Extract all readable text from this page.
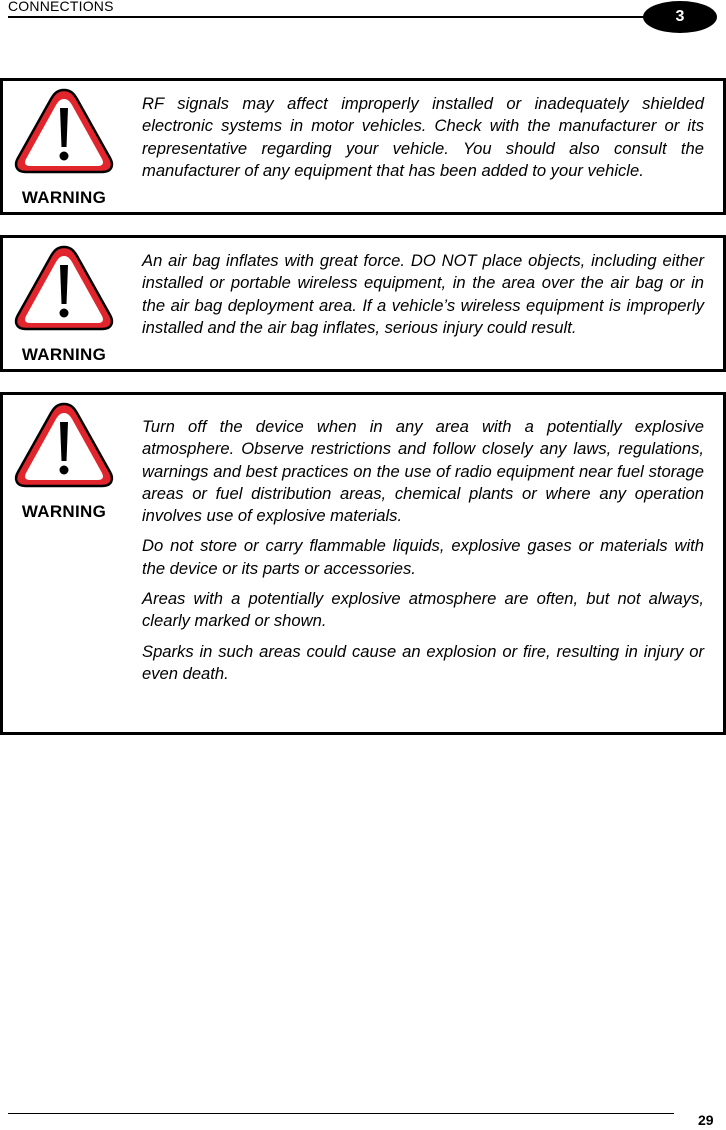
CONNECTIONS
3
WARNING

RF signals may affect improperly installed or inadequately shielded electronic systems in motor vehicles. Check with the manufacturer or its representative regarding your vehicle. You should also consult the manufacturer of any equipment that has been added to your vehicle.

WARNING

An air bag inflates with great force. DO NOT place objects, including either installed or portable wireless equipment, in the area over the air bag or in the air bag deployment area. If a vehicle’s wireless equipment is improperly installed and the air bag inflates, serious injury could result.

WARNING

Turn off the device when in any area with a potentially explosive atmosphere. Observe restrictions and follow closely any laws, regulations, warnings and best practices on the use of radio equipment near fuel storage areas or fuel distribution areas, chemical plants or where any operation involves use of explosive materials.

Do not store or carry flammable liquids, explosive gases or materials with the device or its parts or accessories.

Areas with a potentially explosive atmosphere are often, but not always, clearly marked or shown.

Sparks in such areas could cause an explosion or fire, resulting in injury or even death.

29
